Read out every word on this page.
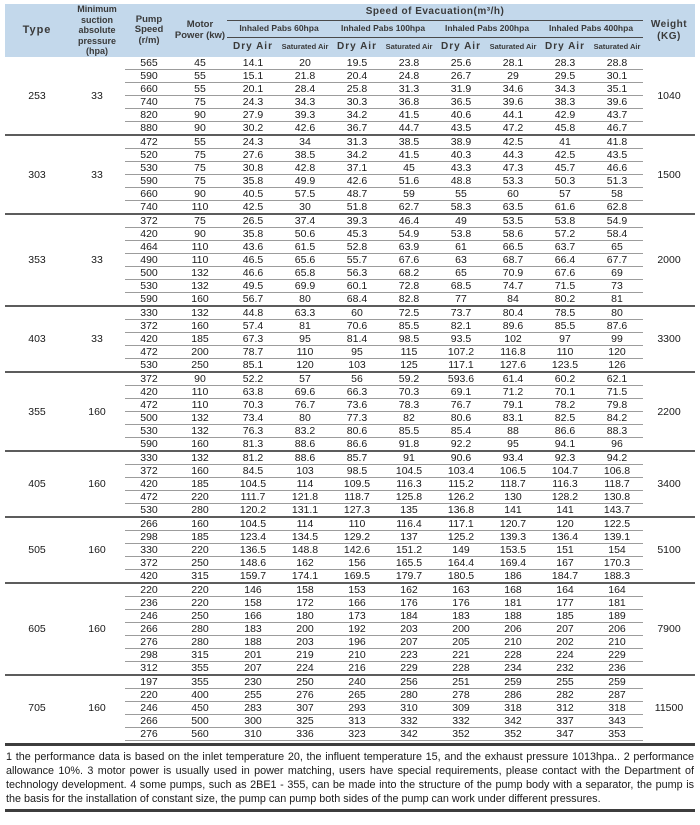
Type	Minimum suction absolute pressure (hpa)	Pump Speed (r/m)	Motor Power (kw)	Speed of Evacuation(m³/h)								Weight (KG)
				Inhaled Pabs 60hpa		Inhaled Pabs 100hpa		Inhaled Pabs 200hpa		Inhaled Pabs 400hpa		
				Dry Air	Saturated Air	Dry Air	Saturated Air	Dry Air	Saturated Air	Dry Air	Saturated Air	
253	33	565	45	14.1	20	19.5	23.8	25.6	28.1	28.3	28.8	1040
		590	55	15.1	21.8	20.4	24.8	26.7	29	29.5	30.1	
		660	55	20.1	28.4	25.8	31.3	31.9	34.6	34.3	35.1	
		740	75	24.3	34.3	30.3	36.8	36.5	39.6	38.3	39.6	
		820	90	27.9	39.3	34.2	41.5	40.6	44.1	42.9	43.7	
		880	90	30.2	42.6	36.7	44.7	43.5	47.2	45.8	46.7	
303	33	472	55	24.3	34	31.3	38.5	38.9	42.5	41	41.8	1500
		520	75	27.6	38.5	34.2	41.5	40.3	44.3	42.5	43.5	
		530	75	30.8	42.8	37.1	45	43.3	47.3	45.7	46.6	
		590	75	35.8	49.9	42.6	51.6	48.8	53.3	50.3	51.3	
		660	90	40.5	57.5	48.7	59	55	60	57	58	
		740	110	42.5	30	51.8	62.7	58.3	63.5	61.6	62.8	
353	33	372	75	26.5	37.4	39.3	46.4	49	53.5	53.8	54.9	2000
		420	90	35.8	50.6	45.3	54.9	53.8	58.6	57.2	58.4	
		464	110	43.6	61.5	52.8	63.9	61	66.5	63.7	65	
		490	110	46.5	65.6	55.7	67.6	63	68.7	66.4	67.7	
		500	132	46.6	65.8	56.3	68.2	65	70.9	67.6	69	
		530	132	49.5	69.9	60.1	72.8	68.5	74.7	71.5	73	
		590	160	56.7	80	68.4	82.8	77	84	80.2	81	
403	33	330	132	44.8	63.3	60	72.5	73.7	80.4	78.5	80	3300
		372	160	57.4	81	70.6	85.5	82.1	89.6	85.5	87.6	
		420	185	67.3	95	81.4	98.5	93.5	102	97	99	
		472	200	78.7	110	95	115	107.2	116.8	110	120	
		530	250	85.1	120	103	125	117.1	127.6	123.5	126	
355	160	372	90	52.2	57	56	59.2	593.6	61.4	60.2	62.1	2200
		420	110	63.8	69.6	66.3	70.3	69.1	71.2	70.1	71.5	
		472	110	70.3	76.7	73.6	78.3	76.7	79.1	78.2	79.8	
		500	132	73.4	80	77.3	82	80.6	83.1	82.5	84.2	
		530	132	76.3	83.2	80.6	85.5	85.4	88	86.6	88.3	
		590	160	81.3	88.6	86.6	91.8	92.2	95	94.1	96	
405	160	330	132	81.2	88.6	85.7	91	90.6	93.4	92.3	94.2	3400
		372	160	84.5	103	98.5	104.5	103.4	106.5	104.7	106.8	
		420	185	104.5	114	109.5	116.3	115.2	118.7	116.3	118.7	
		472	220	111.7	121.8	118.7	125.8	126.2	130	128.2	130.8	
		530	280	120.2	131.1	127.3	135	136.8	141	141	143.7	
505	160	266	160	104.5	114	110	116.4	117.1	120.7	120	122.5	5100
		298	185	123.4	134.5	129.2	137	125.2	139.3	136.4	139.1	
		330	220	136.5	148.8	142.6	151.2	149	153.5	151	154	
		372	250	148.6	162	156	165.5	164.4	169.4	167	170.3	
		420	315	159.7	174.1	169.5	179.7	180.5	186	184.7	188.3	
605	160	220	220	146	158	153	162	163	168	164	164	7900
		236	220	158	172	166	176	176	181	177	181	
		246	250	166	180	173	184	183	188	185	189	
		266	280	183	200	192	203	200	206	207	206	
		276	280	188	203	196	207	205	210	202	210	
		298	315	201	219	210	223	221	228	224	229	
		312	355	207	224	216	229	228	234	232	236	
705	160	197	355	230	250	240	256	251	259	255	259	11500
		220	400	255	276	265	280	278	286	282	287	
		246	450	283	307	293	310	309	318	312	318	
		266	500	300	325	313	332	332	342	337	343	
		276	560	310	336	323	342	352	352	347	353	

1 the performance data is based on the inlet temperature 20, the influent temperature 15, and the exhaust pressure 1013hpa.. 2 performance allowance 10%. 3 motor power is usually used in power matching, users have special requirements, please contact with the Department of technology development. 4 some pumps, such as 2BE1 - 355, can be made into the structure of the pump body with a separator, the pump is the basis for the installation of constant size, the pump can pump both sides of the pump can work under different pressures.
